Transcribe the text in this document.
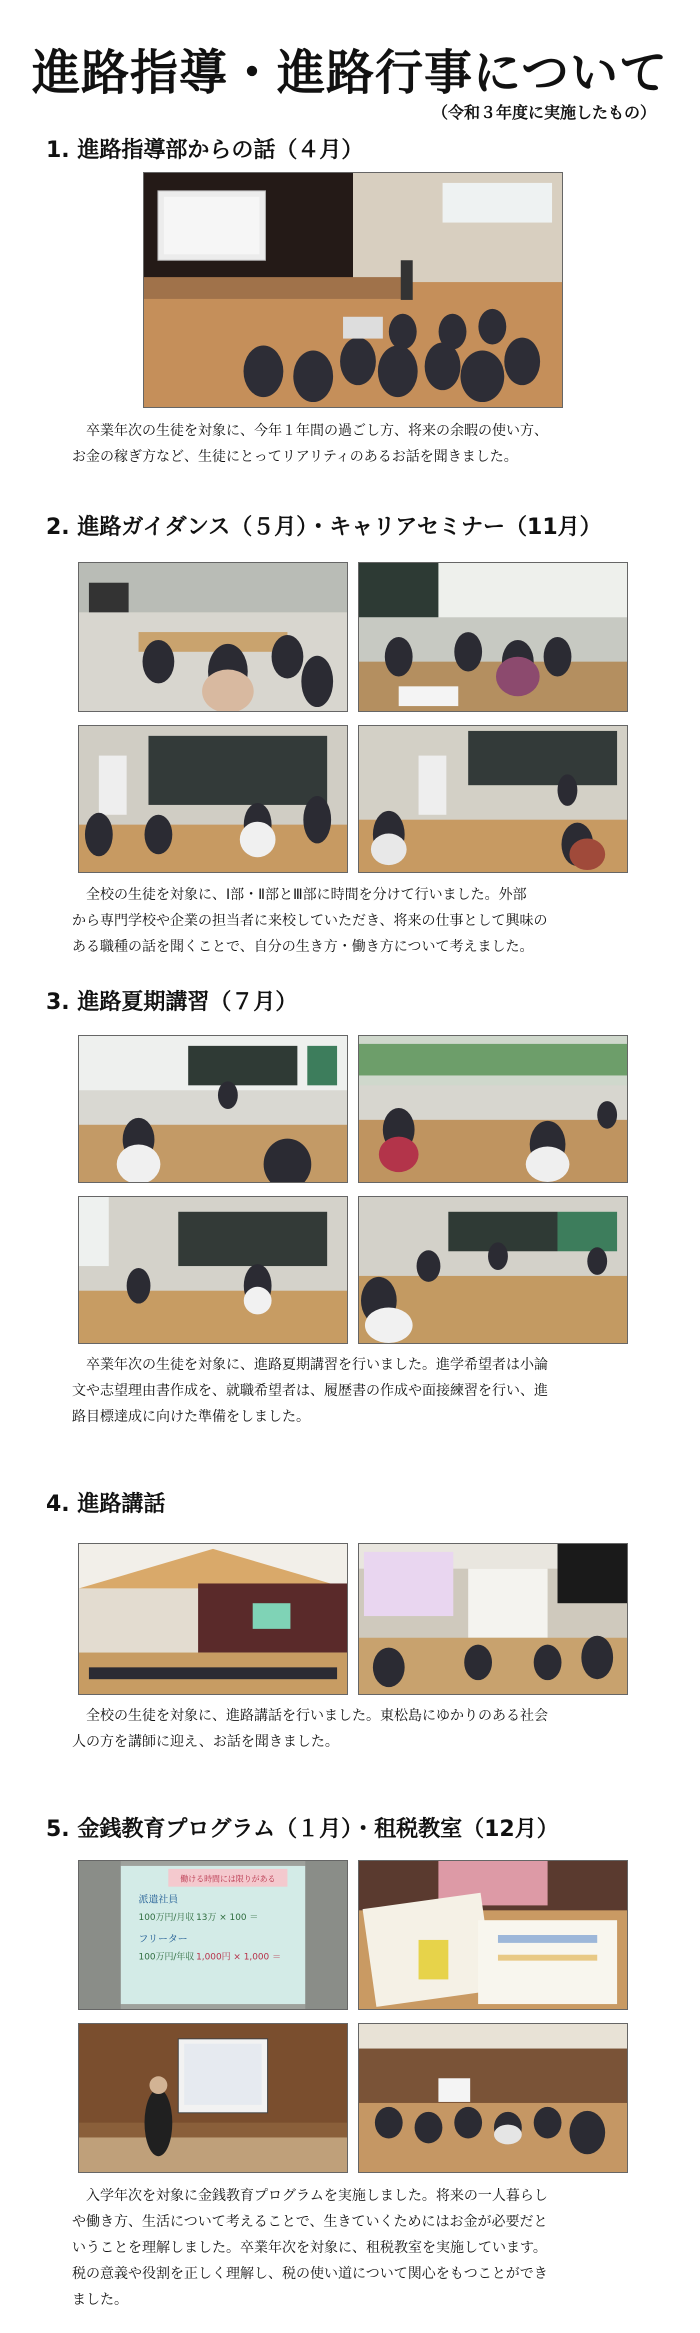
進路指導・進路行事について
（令和３年度に実施したもの）
1. 進路指導部からの話（４月）
　卒業年次の生徒を対象に、今年１年間の過ごし方、将来の余暇の使い方、
お金の稼ぎ方など、生徒にとってリアリティのあるお話を聞きました。
2. 進路ガイダンス（５月）・キャリアセミナー（11月）
　全校の生徒を対象に、Ⅰ部・Ⅱ部とⅢ部に時間を分けて行いました。外部
から専門学校や企業の担当者に来校していただき、将来の仕事として興味の
ある職種の話を聞くことで、自分の生き方・働き方について考えました。
3. 進路夏期講習（７月）
　卒業年次の生徒を対象に、進路夏期講習を行いました。進学希望者は小論
文や志望理由書作成を、就職希望者は、履歴書の作成や面接練習を行い、進
路目標達成に向けた準備をしました。
4. 進路講話
　全校の生徒を対象に、進路講話を行いました。東松島にゆかりのある社会
人の方を講師に迎え、お話を聞きました。
5. 金銭教育プログラム（１月）・租税教室（12月）
働ける時間には限りがある
派遣社員
100万円/月収 13万 × 100 ＝
フリーター
100万円/年収 1,000円 × 1,000 ＝
　入学年次を対象に金銭教育プログラムを実施しました。将来の一人暮らし
や働き方、生活について考えることで、生きていくためにはお金が必要だと
いうことを理解しました。卒業年次を対象に、租税教室を実施しています。
税の意義や役割を正しく理解し、税の使い道について関心をもつことができ
ました。
